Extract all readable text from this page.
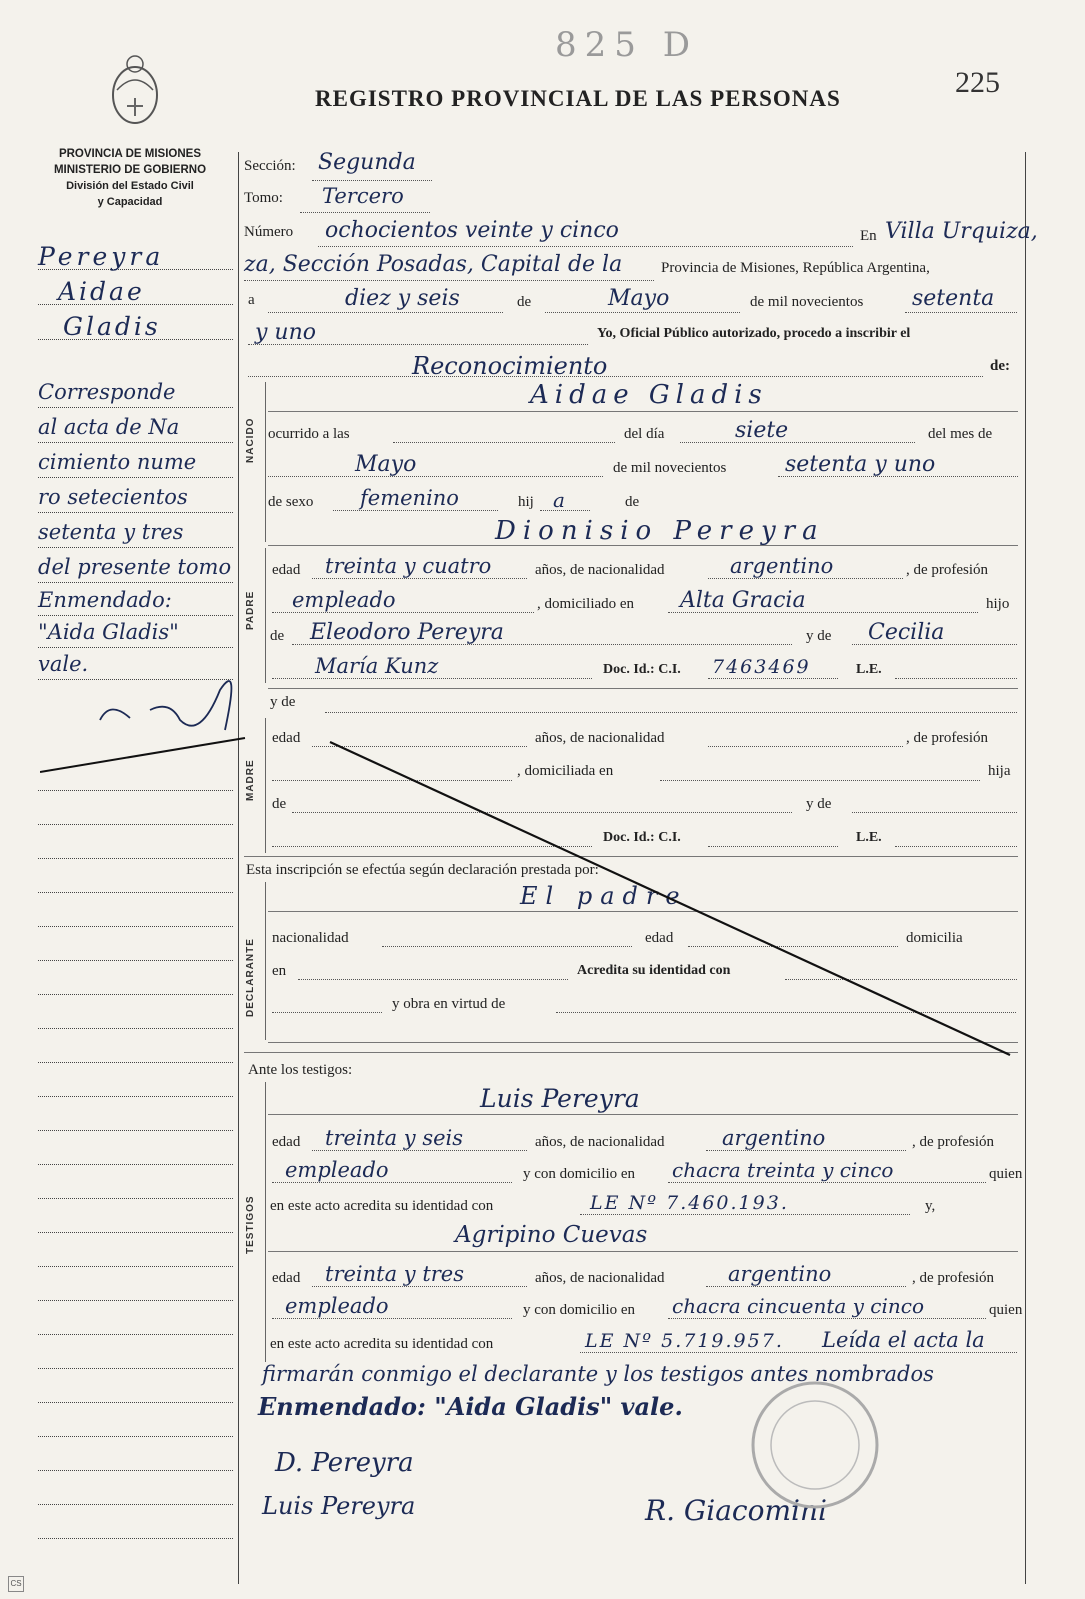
825 D
225
REGISTRO PROVINCIAL DE LAS PERSONAS
PROVINCIA DE MISIONES
MINISTERIO DE GOBIERNO
División del Estado Civil
y Capacidad
Pereyra
Aidae
Gladis
Corresponde
al acta de Na
cimiento nume
ro setecientos
setenta y tres
del presente tomo
Enmendado:
"Aida Gladis"
vale.
Sección: Segunda
Tomo: Tercero
Número ochocientos veinte y cinco	En Villa Urquiza,
za, Sección Posadas, Capital de la	Provincia de Misiones, República Argentina,
a	diez y seis	de	Mayo	de mil novecientos setenta
y uno	Yo, Oficial Público autorizado, procedo a inscribir el
Reconocimiento	de:
NACIDO
Aidae Gladis
ocurrido a las	del día	siete	del mes de
Mayo	de mil novecientos	setenta y uno
de sexo femenino	hij a	de
Dionisio Pereyra
PADRE
edad treinta y cuatro	años, de nacionalidad	argentino	, de profesión
empleado	, domiciliado en Alta Gracia	hijo
de Eleodoro Pereyra	y de Cecilia
María Kunz	Doc. Id.: C.I. 7463469	L.E.
y de
MADRE
edad	años, de nacionalidad	, de profesión
, domiciliada en	hija
de	y de
Doc. Id.: C.I.	L.E.
Esta inscripción se efectúa según declaración prestada por:
DECLARANTE
El padre
nacionalidad	edad	domicilia
en	Acredita su identidad con
y obra en virtud de
Ante los testigos:
TESTIGOS
Luis Pereyra
edad treinta y seis	años, de nacionalidad	argentino	, de profesión
empleado	y con domicilio en chacra treinta y cinco	quien
en este acto acredita su identidad con	LE Nº 7.460.193.	y,
Agripino Cuevas
edad treinta y tres	años, de nacionalidad	argentino	, de profesión
empleado	y con domicilio en chacra cincuenta y cinco	quien
en este acto acredita su identidad con	LE Nº 5.719.957. Leída el acta la
firmarán conmigo el declarante y los testigos antes nombrados
Enmendado: "Aida Gladis" vale.
D. Pereyra
Luis Pereyra	R. Giacomini
CS
